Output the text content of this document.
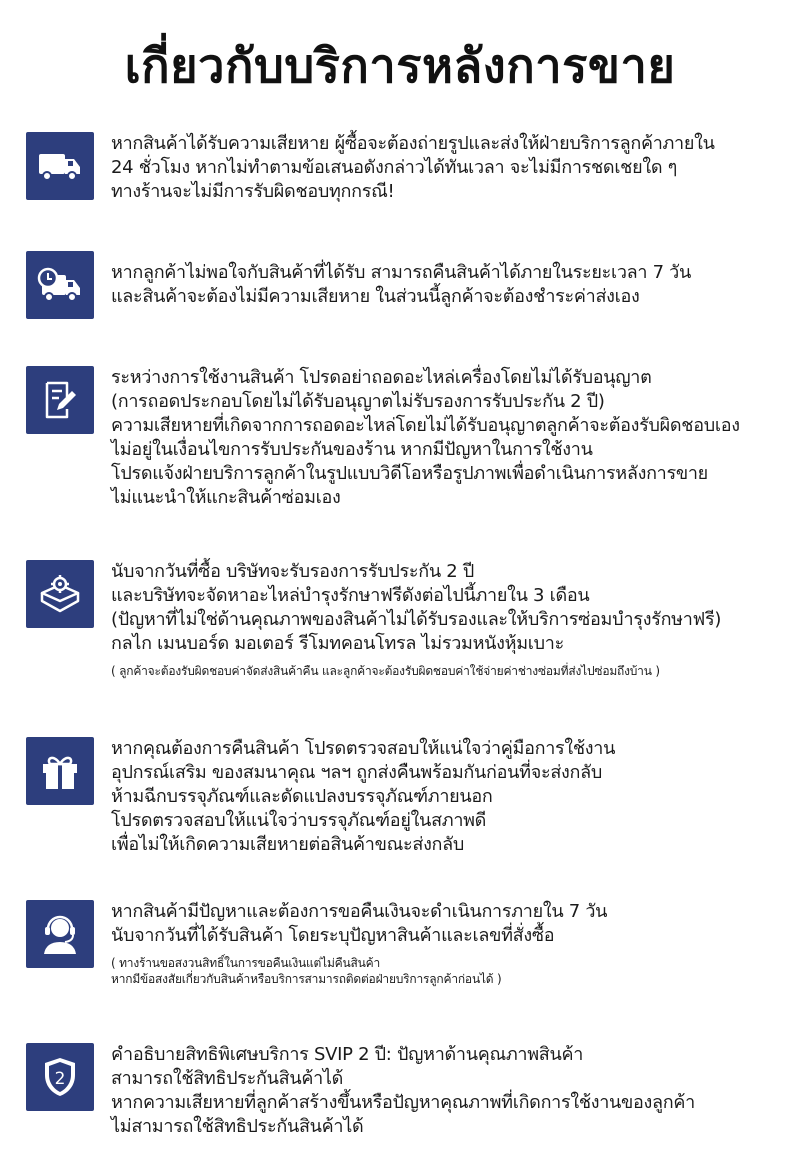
เกี่ยวกับบริการหลังการขาย
หากสินค้าได้รับความเสียหาย ผู้ซื้อจะต้องถ่ายรูปและส่งให้ฝ่ายบริการลูกค้าภายใน
24 ชั่วโมง หากไม่ทำตามข้อเสนอดังกล่าวได้ทันเวลา จะไม่มีการชดเชยใด ๆ
ทางร้านจะไม่มีการรับผิดชอบทุกกรณี!
หากลูกค้าไม่พอใจกับสินค้าที่ได้รับ สามารถคืนสินค้าได้ภายในระยะเวลา 7 วัน
และสินค้าจะต้องไม่มีความเสียหาย ในส่วนนี้ลูกค้าจะต้องชำระค่าส่งเอง
ระหว่างการใช้งานสินค้า โปรดอย่าถอดอะไหล่เครื่องโดยไม่ได้รับอนุญาต
(การถอดประกอบโดยไม่ได้รับอนุญาตไม่รับรองการรับประกัน 2 ปี)
ความเสียหายที่เกิดจากการถอดอะไหล่โดยไม่ได้รับอนุญาตลูกค้าจะต้องรับผิดชอบเอง
ไม่อยู่ในเงื่อนไขการรับประกันของร้าน หากมีปัญหาในการใช้งาน
โปรดแจ้งฝ่ายบริการลูกค้าในรูปแบบวิดีโอหรือรูปภาพเพื่อดำเนินการหลังการขาย
ไม่แนะนำให้แกะสินค้าซ่อมเอง
นับจากวันที่ซื้อ บริษัทจะรับรองการรับประกัน 2 ปี
และบริษัทจะจัดหาอะไหล่บำรุงรักษาฟรีดังต่อไปนี้ภายใน 3 เดือน
(ปัญหาที่ไม่ใช่ด้านคุณภาพของสินค้าไม่ได้รับรองและให้บริการซ่อมบำรุงรักษาฟรี)
กลไก เมนบอร์ด มอเตอร์ รีโมทคอนโทรล ไม่รวมหนังหุ้มเบาะ
( ลูกค้าจะต้องรับผิดชอบค่าจัดส่งสินค้าคืน และลูกค้าจะต้องรับผิดชอบค่าใช้จ่ายค่าช่างซ่อมที่ส่งไปซ่อมถึงบ้าน )
หากคุณต้องการคืนสินค้า โปรดตรวจสอบให้แน่ใจว่าคู่มือการใช้งาน
อุปกรณ์เสริม ของสมนาคุณ ฯลฯ ถูกส่งคืนพร้อมกันก่อนที่จะส่งกลับ
ห้ามฉีกบรรจุภัณฑ์และดัดแปลงบรรจุภัณฑ์ภายนอก
โปรดตรวจสอบให้แน่ใจว่าบรรจุภัณฑ์อยู่ในสภาพดี
เพื่อไม่ให้เกิดความเสียหายต่อสินค้าขณะส่งกลับ
หากสินค้ามีปัญหาและต้องการขอคืนเงินจะดำเนินการภายใน 7 วัน
นับจากวันที่ได้รับสินค้า โดยระบุปัญหาสินค้าและเลขที่สั่งซื้อ
( ทางร้านขอสงวนสิทธิ์ในการขอคืนเงินแต่ไม่คืนสินค้า
หากมีข้อสงสัยเกี่ยวกับสินค้าหรือบริการสามารถติดต่อฝ่ายบริการลูกค้าก่อนได้ )
2
คำอธิบายสิทธิพิเศษบริการ SVIP 2 ปี: ปัญหาด้านคุณภาพสินค้า
สามารถใช้สิทธิประกันสินค้าได้
หากความเสียหายที่ลูกค้าสร้างขึ้นหรือปัญหาคุณภาพที่เกิดการใช้งานของลูกค้า
ไม่สามารถใช้สิทธิประกันสินค้าได้
